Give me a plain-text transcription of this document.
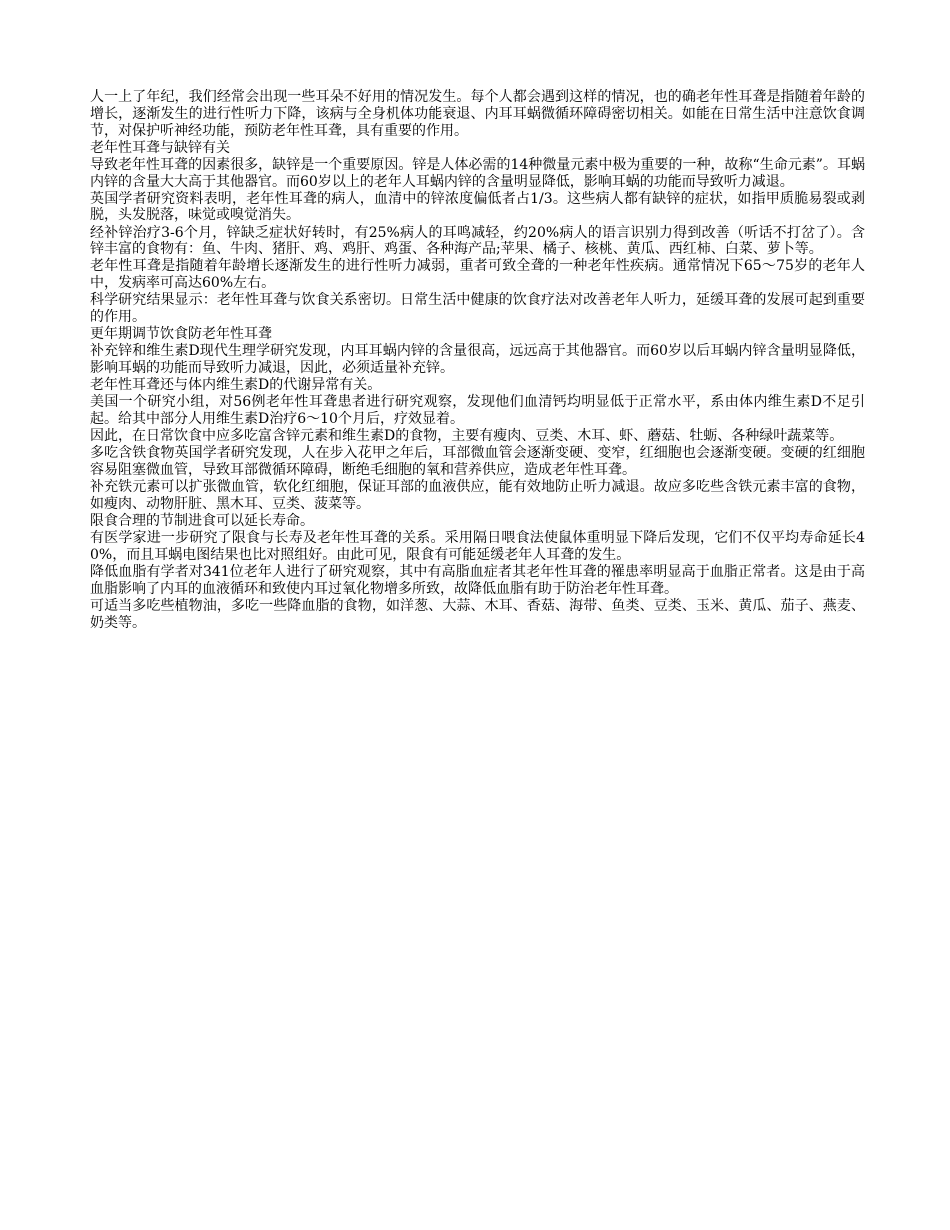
人一上了年纪，我们经常会出现一些耳朵不好用的情况发生。每个人都会遇到这样的情况，也的确老年性耳聋是指随着年龄的增长，逐渐发生的进行性听力下降，该病与全身机体功能衰退、内耳耳蜗微循环障碍密切相关。如能在日常生活中注意饮食调节，对保护听神经功能，预防老年性耳聋，具有重要的作用。

老年性耳聋与缺锌有关

导致老年性耳聋的因素很多，缺锌是一个重要原因。锌是人体必需的14种微量元素中极为重要的一种，故称“生命元素”。耳蜗内锌的含量大大高于其他器官。而60岁以上的老年人耳蜗内锌的含量明显降低，影响耳蜗的功能而导致听力减退。

英国学者研究资料表明，老年性耳聋的病人，血清中的锌浓度偏低者占1/3。这些病人都有缺锌的症状，如指甲质脆易裂或剥脱，头发脱落，味觉或嗅觉消失。

经补锌治疗3-6个月，锌缺乏症状好转时，有25%病人的耳鸣减轻，约20%病人的语言识别力得到改善（听话不打岔了）。含锌丰富的食物有：鱼、牛肉、猪肝、鸡、鸡肝、鸡蛋、各种海产品;苹果、橘子、核桃、黄瓜、西红柿、白菜、萝卜等。

老年性耳聋是指随着年龄增长逐渐发生的进行性听力减弱，重者可致全聋的一种老年性疾病。通常情况下65～75岁的老年人中，发病率可高达60%左右。

科学研究结果显示：老年性耳聋与饮食关系密切。日常生活中健康的饮食疗法对改善老年人听力，延缓耳聋的发展可起到重要的作用。

更年期调节饮食防老年性耳聋

补充锌和维生素D现代生理学研究发现，内耳耳蜗内锌的含量很高，远远高于其他器官。而60岁以后耳蜗内锌含量明显降低，影响耳蜗的功能而导致听力减退，因此，必须适量补充锌。

老年性耳聋还与体内维生素D的代谢异常有关。

美国一个研究小组，对56例老年性耳聋患者进行研究观察，发现他们血清钙均明显低于正常水平，系由体内维生素D不足引起。给其中部分人用维生素D治疗6～10个月后，疗效显着。

因此，在日常饮食中应多吃富含锌元素和维生素D的食物，主要有瘦肉、豆类、木耳、虾、蘑菇、牡蛎、各种绿叶蔬菜等。

多吃含铁食物英国学者研究发现，人在步入花甲之年后，耳部微血管会逐渐变硬、变窄，红细胞也会逐渐变硬。变硬的红细胞容易阻塞微血管，导致耳部微循环障碍，断绝毛细胞的氧和营养供应，造成老年性耳聋。

补充铁元素可以扩张微血管，软化红细胞，保证耳部的血液供应，能有效地防止听力减退。故应多吃些含铁元素丰富的食物，如瘦肉、动物肝脏、黑木耳、豆类、菠菜等。

限食合理的节制进食可以延长寿命。

有医学家进一步研究了限食与长寿及老年性耳聋的关系。采用隔日喂食法使鼠体重明显下降后发现，它们不仅平均寿命延长40%，而且耳蜗电图结果也比对照组好。由此可见，限食有可能延缓老年人耳聋的发生。

降低血脂有学者对341位老年人进行了研究观察，其中有高脂血症者其老年性耳聋的罹患率明显高于血脂正常者。这是由于高血脂影响了内耳的血液循环和致使内耳过氧化物增多所致，故降低血脂有助于防治老年性耳聋。

可适当多吃些植物油，多吃一些降血脂的食物，如洋葱、大蒜、木耳、香菇、海带、鱼类、豆类、玉米、黄瓜、茄子、燕麦、奶类等。
